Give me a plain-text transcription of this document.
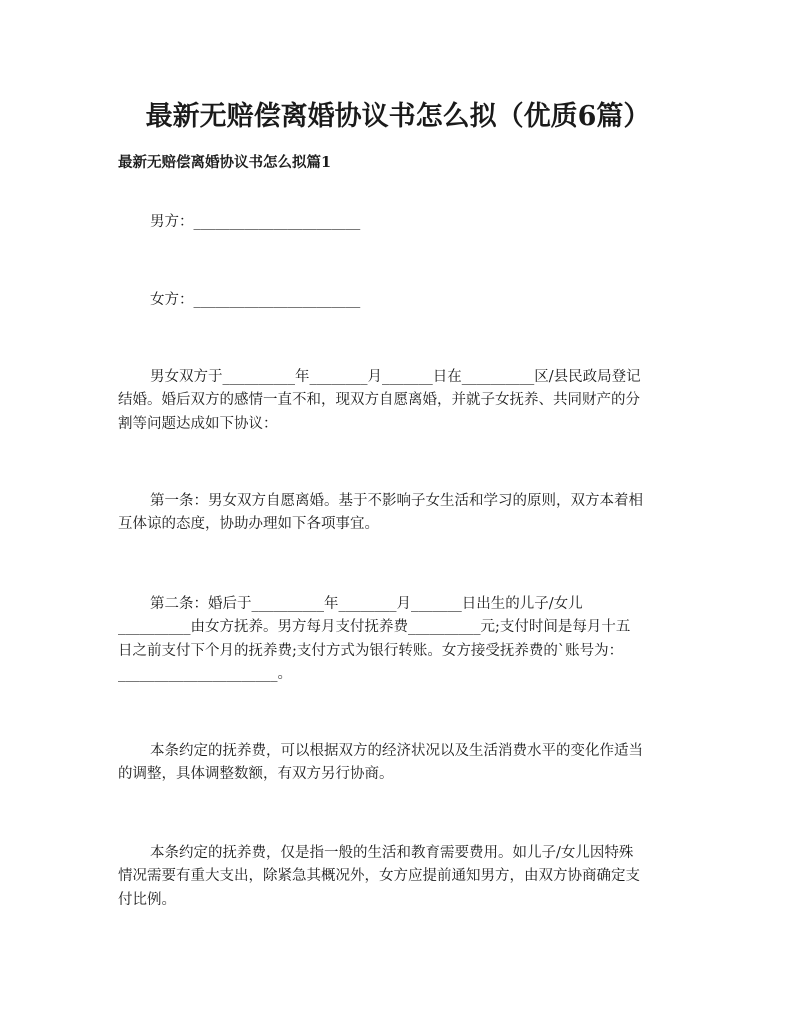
最新无赔偿离婚协议书怎么拟（优质6篇）
最新无赔偿离婚协议书怎么拟篇1
男方：_______________________
女方：_______________________
男女双方于__________年________月_______日在__________区/县民政局登记
结婚。婚后双方的感情一直不和，现双方自愿离婚，并就子女抚养、共同财产的分
割等问题达成如下协议：
第一条：男女双方自愿离婚。基于不影响子女生活和学习的原则，双方本着相
互体谅的态度，协助办理如下各项事宜。
第二条：婚后于__________年________月_______日出生的儿子/女儿
__________由女方抚养。男方每月支付抚养费__________元;支付时间是每月十五
日之前支付下个月的抚养费;支付方式为银行转账。女方接受抚养费的`账号为：
______________________。
本条约定的抚养费，可以根据双方的经济状况以及生活消费水平的变化作适当
的调整，具体调整数额，有双方另行协商。
本条约定的抚养费，仅是指一般的生活和教育需要费用。如儿子/女儿因特殊
情况需要有重大支出，除紧急其概况外，女方应提前通知男方，由双方协商确定支
付比例。
